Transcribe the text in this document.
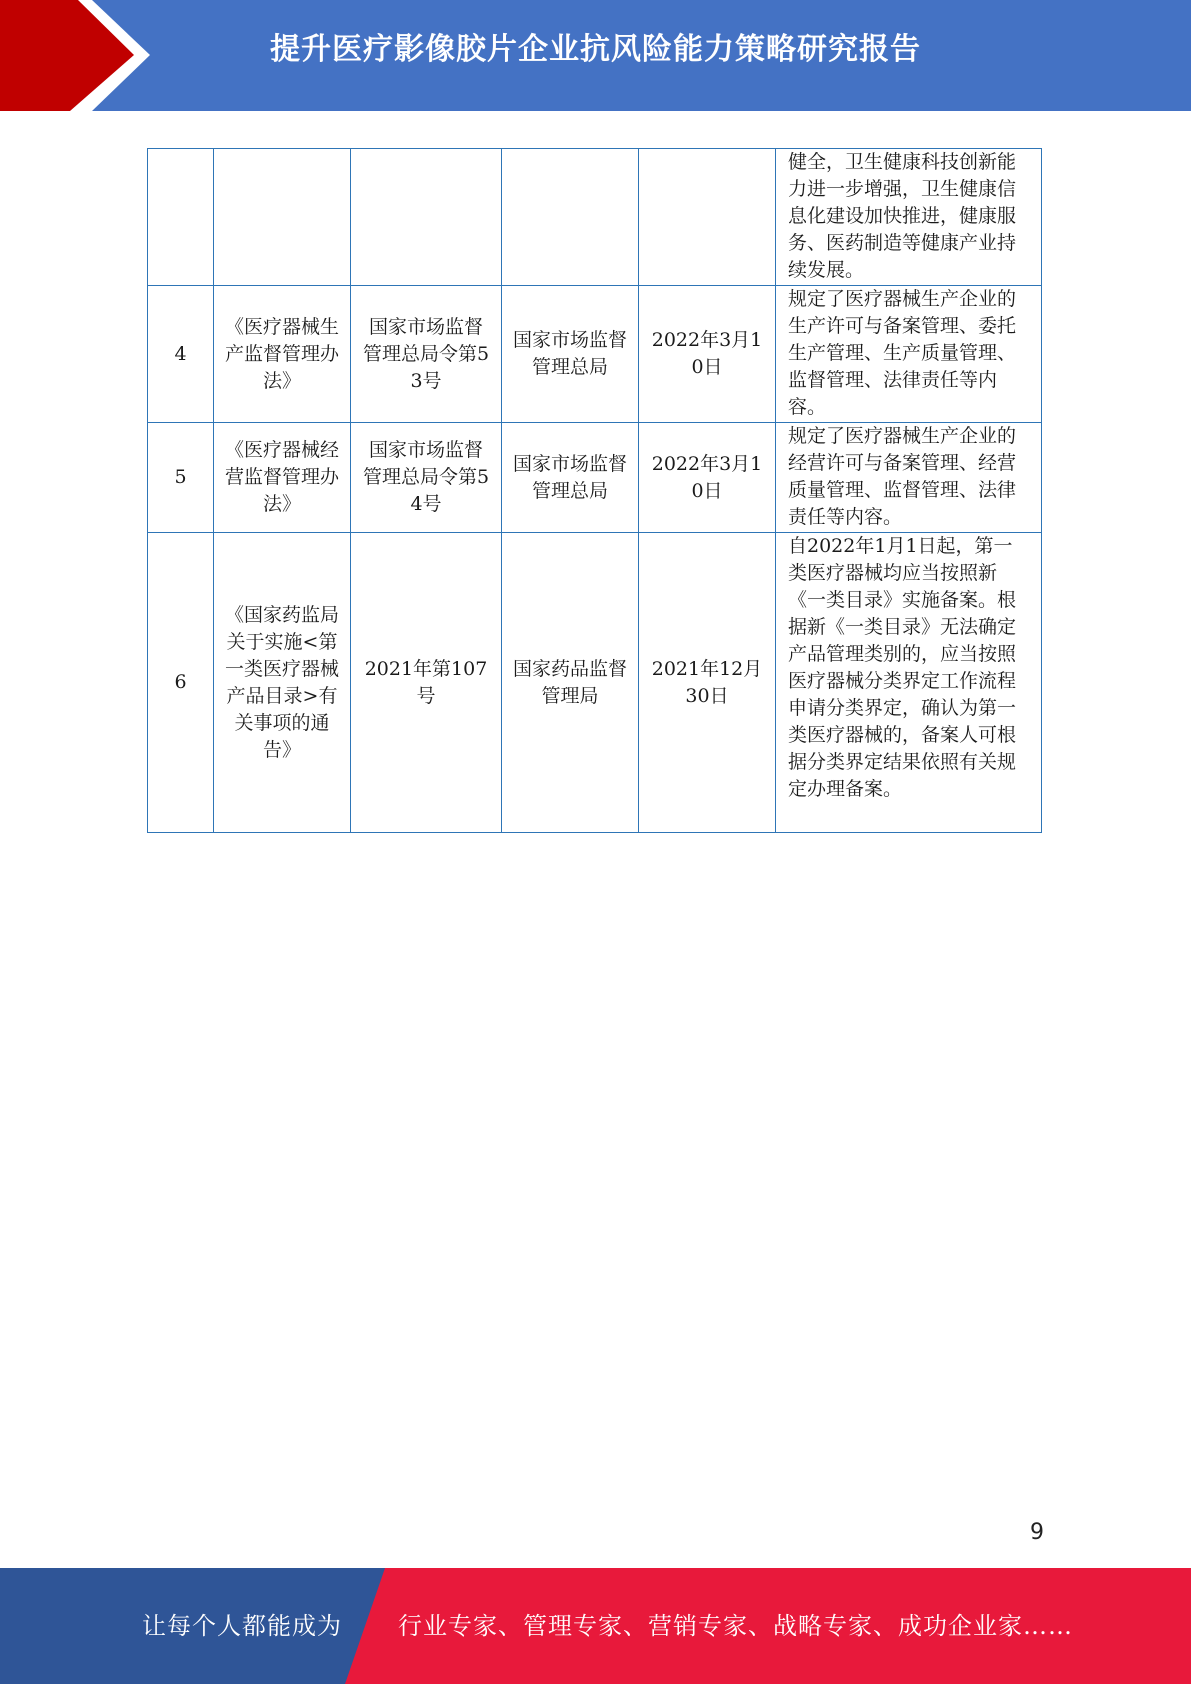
提升医疗影像胶片企业抗风险能力策略研究报告
					健全，卫生健康科技创新能力进一步增强，卫生健康信息化建设加快推进，健康服务、医药制造等健康产业持续发展。
4	《医疗器械生产监督管理办法》	国家市场监督管理总局令第53号	国家市场监督管理总局	2022年3月10日	规定了医疗器械生产企业的生产许可与备案管理、委托生产管理、生产质量管理、监督管理、法律责任等内容。
5	《医疗器械经营监督管理办法》	国家市场监督管理总局令第54号	国家市场监督管理总局	2022年3月10日	规定了医疗器械生产企业的经营许可与备案管理、经营质量管理、监督管理、法律责任等内容。
6	《国家药监局关于实施<第一类医疗器械产品目录>有关事项的通告》	2021年第107号	国家药品监督管理局	2021年12月30日	自2022年1月1日起，第一类医疗器械均应当按照新《一类目录》实施备案。根据新《一类目录》无法确定产品管理类别的，应当按照医疗器械分类界定工作流程申请分类界定，确认为第一类医疗器械的，备案人可根据分类界定结果依照有关规定办理备案。
9
让每个人都能成为 行业专家、管理专家、营销专家、战略专家、成功企业家……
